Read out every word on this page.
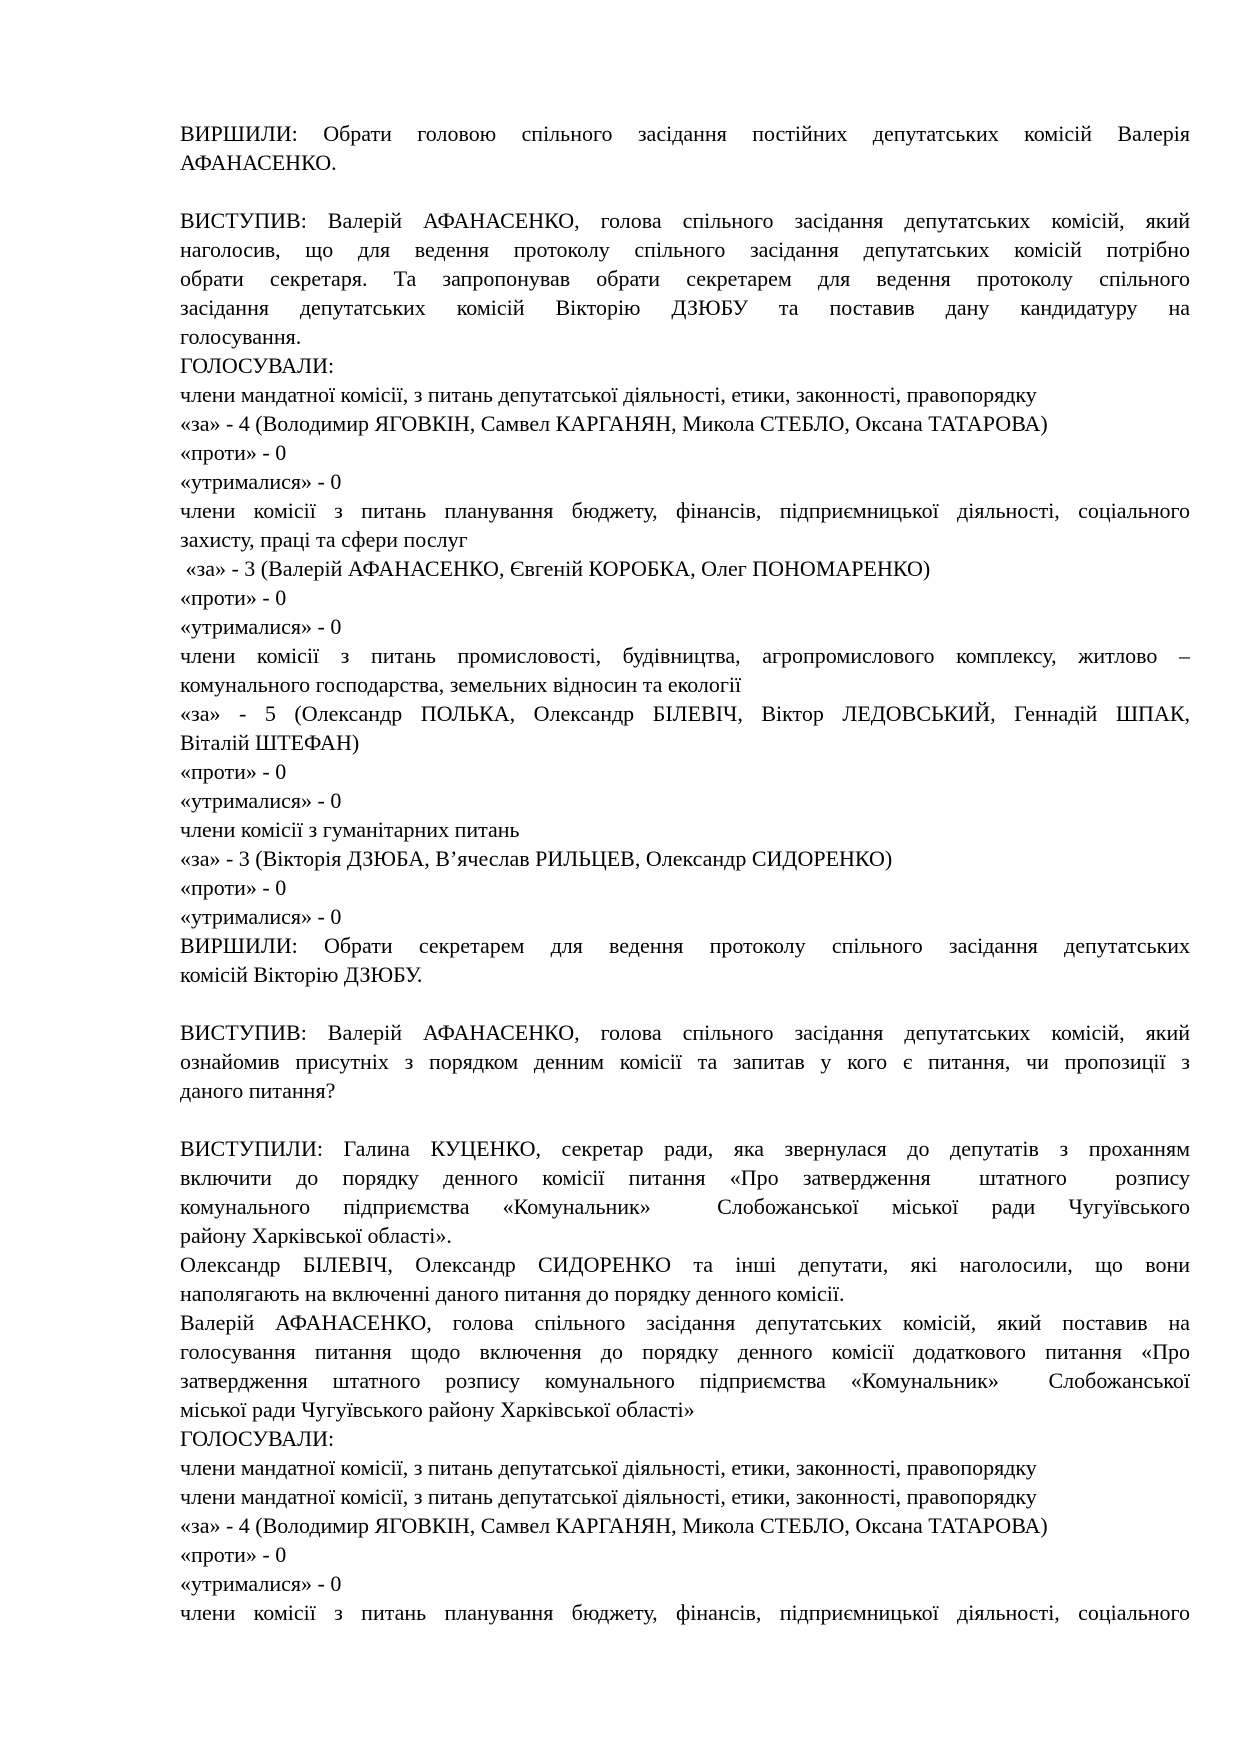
ВИРШИЛИ: Обрати головою спільного засідання постійних депутатських комісій Валерія
АФАНАСЕНКО.
ВИСТУПИВ: Валерій АФАНАСЕНКО, голова спільного засідання депутатських комісій, який
наголосив, що для ведення протоколу спільного засідання депутатських комісій потрібно
обрати секретаря. Та запропонував обрати секретарем для ведення протоколу спільного
засідання депутатських комісій Вікторію ДЗЮБУ та поставив дану кандидатуру на
голосування.
ГОЛОСУВАЛИ:
члени мандатної комісії, з питань депутатської діяльності, етики, законності, правопорядку
«за» - 4 (Володимир ЯГОВКІН, Самвел КАРГАНЯН, Микола СТЕБЛО, Оксана ТАТАРОВА)
«проти» - 0
«утрималися» - 0
члени комісії з питань планування бюджету, фінансів, підприємницької діяльності, соціального
захисту, праці та сфери послуг
«за» - 3 (Валерій АФАНАСЕНКО, Євгеній КОРОБКА, Олег ПОНОМАРЕНКО)
«проти» - 0
«утрималися» - 0
члени комісії з питань промисловості, будівництва, агропромислового комплексу, житлово –
комунального господарства, земельних відносин та екології
«за» - 5 (Олександр ПОЛЬКА, Олександр БІЛЕВІЧ, Віктор ЛЕДОВСЬКИЙ, Геннадій ШПАК,
Віталій ШТЕФАН)
«проти» - 0
«утрималися» - 0
члени комісії з гуманітарних питань
«за» - 3 (Вікторія ДЗЮБА, В’ячеслав РИЛЬЦЕВ, Олександр СИДОРЕНКО)
«проти» - 0
«утрималися» - 0
ВИРШИЛИ: Обрати секретарем для ведення протоколу спільного засідання депутатських
комісій Вікторію ДЗЮБУ.
ВИСТУПИВ: Валерій АФАНАСЕНКО, голова спільного засідання депутатських комісій, який
ознайомив присутніх з порядком денним комісії та запитав у кого є питання, чи пропозиції з
даного питання?
ВИСТУПИЛИ: Галина КУЦЕНКО, секретар ради, яка звернулася до депутатів з проханням
включити до порядку денного комісії питання «Про затвердження  штатного  розпису
комунального підприємства «Комунальник»  Слобожанської міської ради Чугуївського
району Харківської області».
Олександр БІЛЕВІЧ, Олександр СИДОРЕНКО та інші депутати, які наголосили, що вони
наполягають на включенні даного питання до порядку денного комісії.
Валерій АФАНАСЕНКО, голова спільного засідання депутатських комісій, який поставив на
голосування питання щодо включення до порядку денного комісії додаткового питання «Про
затвердження штатного розпису комунального підприємства «Комунальник»  Слобожанської
міської ради Чугуївського району Харківської області»
ГОЛОСУВАЛИ:
члени мандатної комісії, з питань депутатської діяльності, етики, законності, правопорядку
члени мандатної комісії, з питань депутатської діяльності, етики, законності, правопорядку
«за» - 4 (Володимир ЯГОВКІН, Самвел КАРГАНЯН, Микола СТЕБЛО, Оксана ТАТАРОВА)
«проти» - 0
«утрималися» - 0
члени комісії з питань планування бюджету, фінансів, підприємницької діяльності, соціального
